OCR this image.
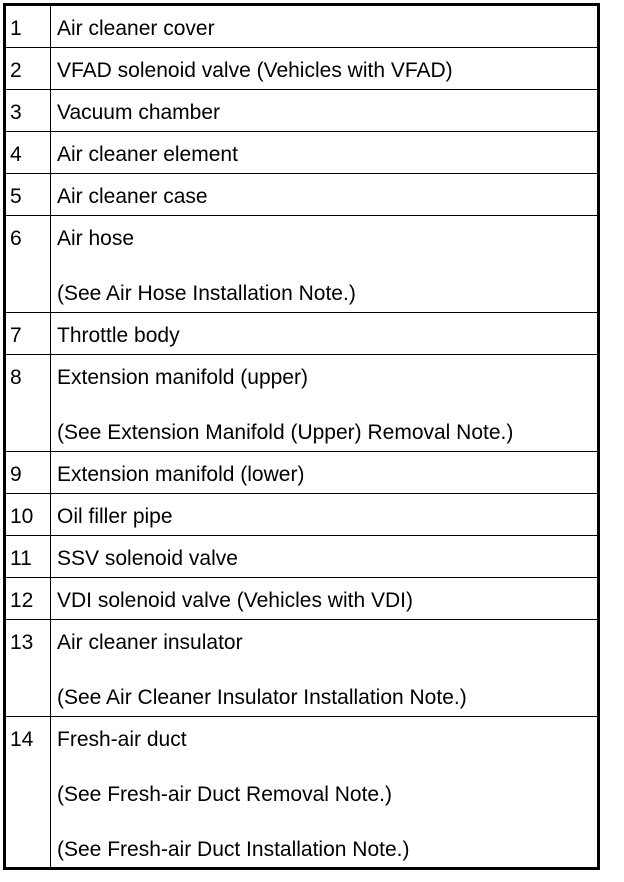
1	Air cleaner cover

2	VFAD solenoid valve (Vehicles with VFAD)

3	Vacuum chamber

4	Air cleaner element

5	Air cleaner case

6	Air hose
(See Air Hose Installation Note.)

7	Throttle body

8	Extension manifold (upper)
(See Extension Manifold (Upper) Removal Note.)

9	Extension manifold (lower)

10	Oil filler pipe

11	SSV solenoid valve

12	VDI solenoid valve (Vehicles with VDI)

13	Air cleaner insulator
(See Air Cleaner Insulator Installation Note.)

14	Fresh-air duct
(See Fresh-air Duct Removal Note.)
(See Fresh-air Duct Installation Note.)
